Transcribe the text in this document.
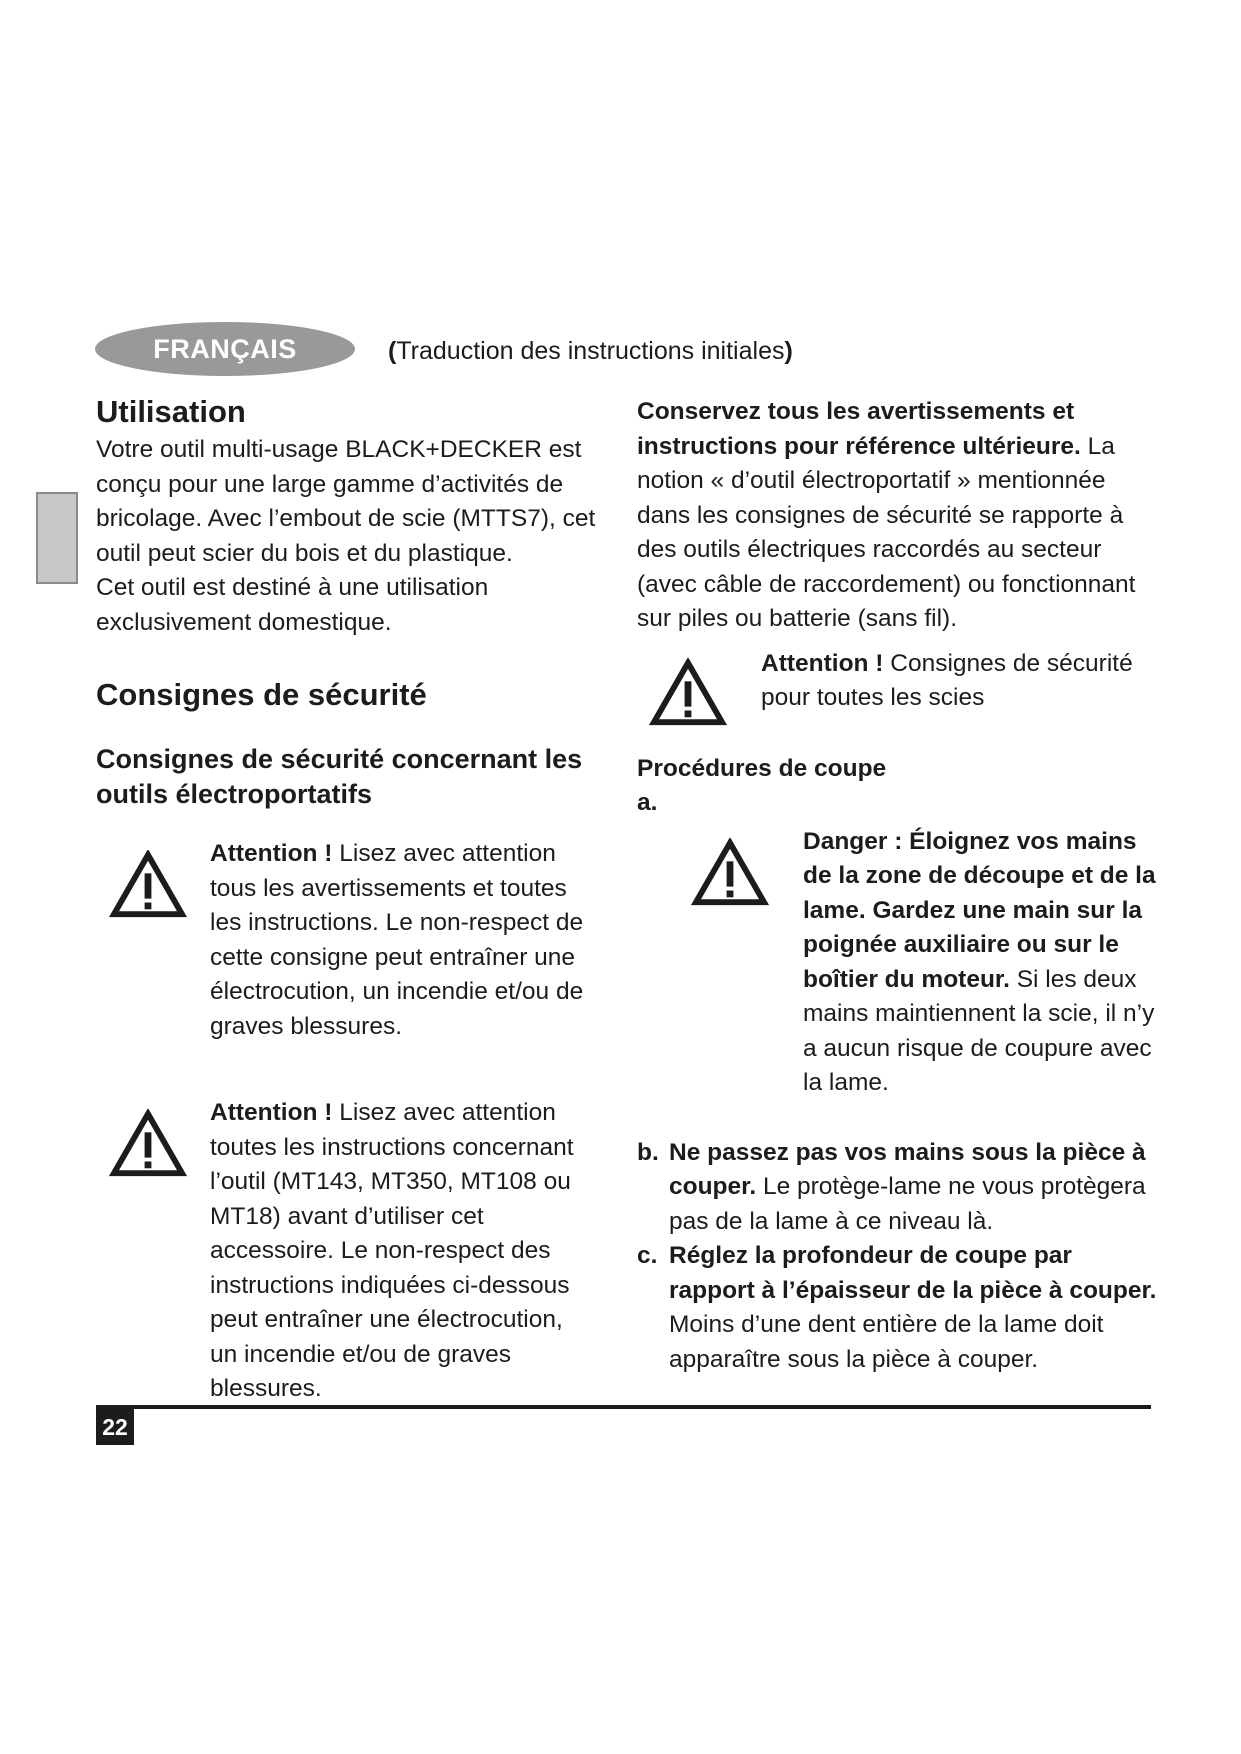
FRANÇAIS	(Traduction des instructions initiales)
Utilisation

Votre outil multi-usage BLACK+DECKER est conçu pour une large gamme d’activités de bricolage. Avec l’embout de scie (MTTS7), cet outil peut scier du bois et du plastique.

Cet outil est destiné à une utilisation exclusivement domestique.

Consignes de sécurité
Consignes de sécurité concernant les outils électroportatifs

Attention ! Lisez avec attention tous les avertissements et toutes les instructions. Le non-respect de cette consigne peut entraîner une électrocution, un incendie et/ou de graves blessures.

Attention ! Lisez avec attention toutes les instructions concernant l’outil (MT143, MT350, MT108 ou MT18) avant d’utiliser cet accessoire. Le non-respect des instructions indiquées ci-dessous peut entraîner une électrocution, un incendie et/ou de graves blessures.

Conservez tous les avertissements et instructions pour référence ultérieure. La notion « d’outil électroportatif » mentionnée dans les consignes de sécurité se rapporte à des outils électriques raccordés au secteur (avec câble de raccordement) ou fonctionnant sur piles ou batterie (sans fil).

Attention ! Consignes de sécurité pour toutes les scies

Procédures de coupe

a.

Danger : Éloignez vos mains de la zone de découpe et de la lame. Gardez une main sur la poignée auxiliaire ou sur le boîtier du moteur. Si les deux mains maintiennent la scie, il n’y a aucun risque de coupure avec la lame.

b. Ne passez pas vos mains sous la pièce à couper. Le protège-lame ne vous protègera pas de la lame à ce niveau là.
c. Réglez la profondeur de coupe par rapport à l’épaisseur de la pièce à couper. Moins d’une dent entière de la lame doit apparaître sous la pièce à couper.
22
